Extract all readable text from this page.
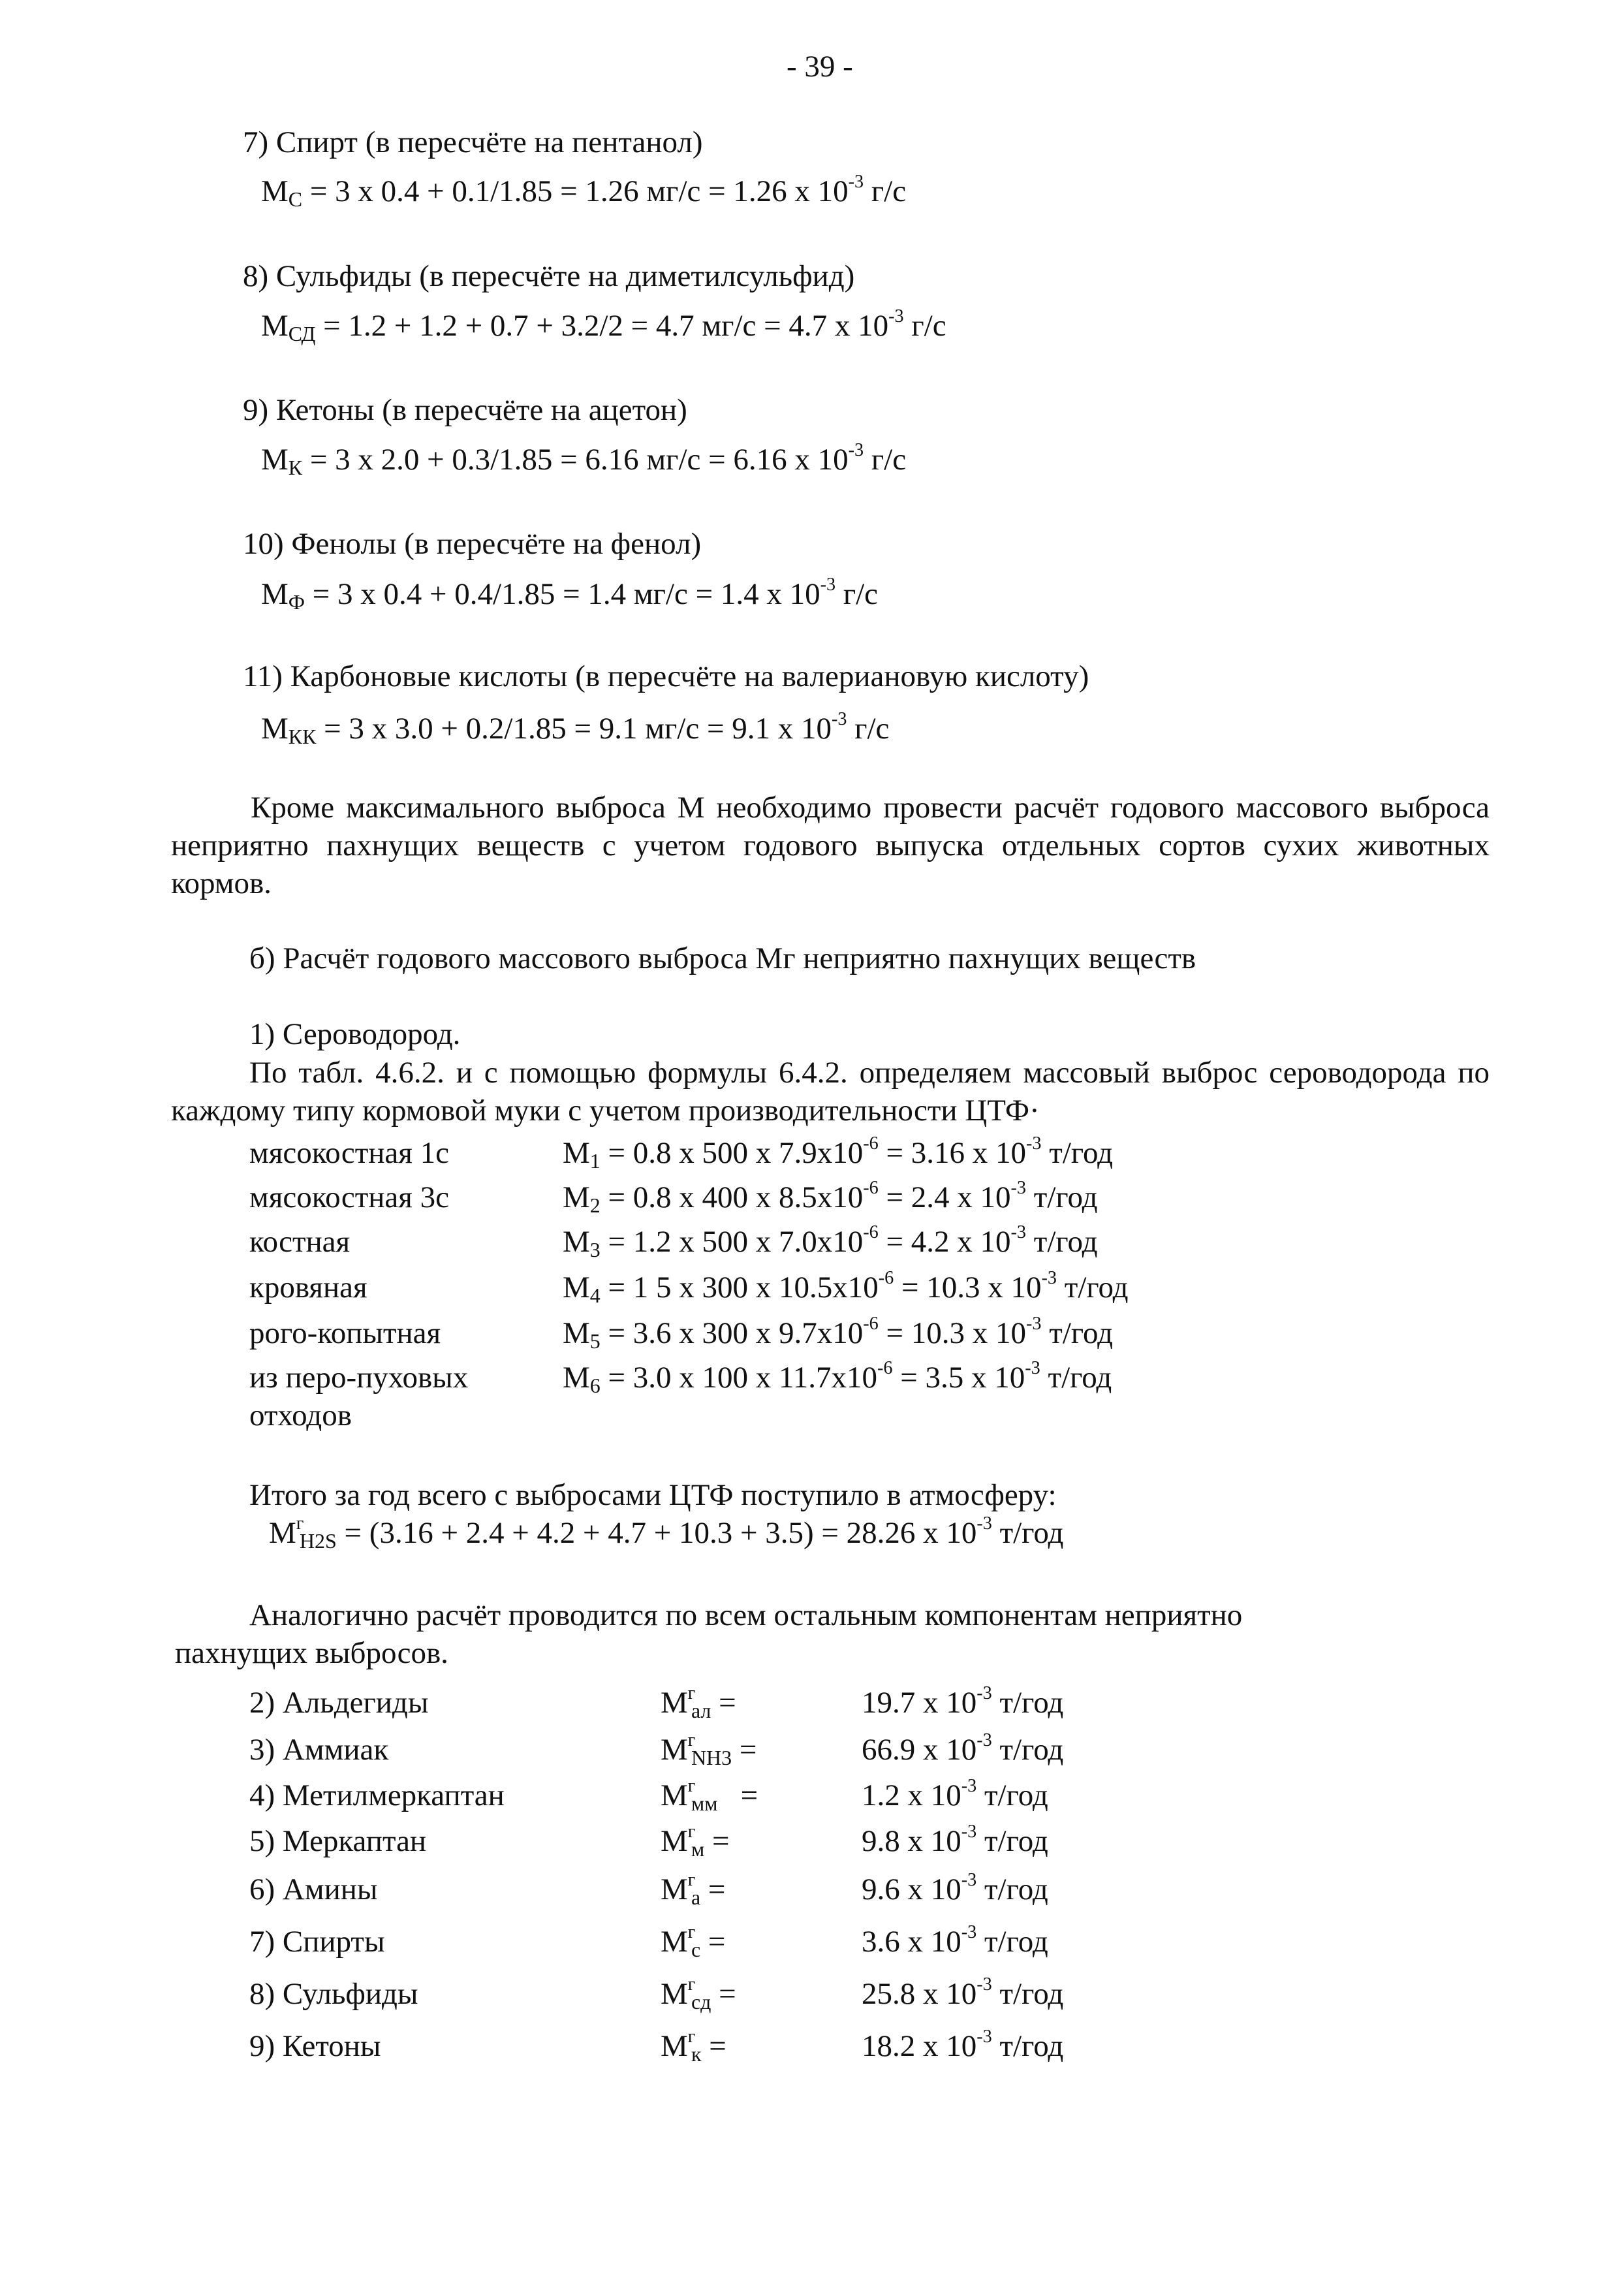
- 39 -
7) Спирт (в пересчёте на пентанол)
$M_С = 3$ х 0.4 + 0.1/1.85 = 1.26 мг/с = 1.26 х $10^{-3}$ г/с
8) Сульфиды (в пересчёте на диметилсульфид)
$M_{СД} = 1.2 + 1.2 + 0.7 + 3.2/2 = 4.7$ мг/с = 4.7 х $10^{-3}$ г/с
9) Кетоны (в пересчёте на ацетон)
$M_К = 3$ х 2.0 + 0.3/1.85 = 6.16 мг/с = 6.16 х $10^{-3}$ г/с
10) Фенолы (в пересчёте на фенол)
$M_Ф = 3$ х 0.4 + 0.4/1.85 = 1.4 мг/с = 1.4 х $10^{-3}$ г/с
11) Карбоновые кислоты (в пересчёте на валериановую кислоту)
$M_{КК} = 3$ х 3.0 + 0.2/1.85 = 9.1 мг/с = 9.1 х $10^{-3}$ г/с
Кроме максимального выброса М необходимо провести расчёт годового массового выброса неприятно пахнущих веществ с учетом годового выпуска отдельных сортов сухих животных кормов.
б) Расчёт годового массового выброса Мг неприятно пахнущих веществ
1) Сероводород.
По табл. 4.6.2. и с помощью формулы 6.4.2. определяем массовый выброс сероводорода по каждому типу кормовой муки с учетом производительности ЦТФ·
мясокостная 1с	$M_1 = 0.8$ х 500 х $7.9х10^{-6} = 3.16$ х $10^{-3}$ т/год
мясокостная 3с	$M_2 = 0.8$ х 400 х $8.5х10^{-6} = 2.4$ х $10^{-3}$ т/год
костная	$M_3 = 1.2$ х 500 х $7.0х10^{-6} = 4.2$ х $10^{-3}$ т/год
кровяная	$M_4 = 1$ 5 х 300 х $10.5х10^{-6} = 10.3$ х $10^{-3}$ т/год
рого-копытная	$M_5 = 3.6$ х 300 х $9.7х10^{-6} = 10.3$ х $10^{-3}$ т/год
из перо-пуховых	$M_6 = 3.0$ х 100 х $11.7х10^{-6} = 3.5$ х $10^{-3}$ т/год
отходов
Итого за год всего с выбросами ЦТФ поступило в атмосферу:
$M^г_{H2S} = (3.16 + 2.4 + 4.2 + 4.7 + 10.3 + 3.5) = 28.26$ х $10^{-3}$ т/год
Аналогично расчёт проводится по всем остальным компонентам неприятно
пахнущих выбросов.
2) Альдегиды	$M^г_{ал}$ =	19.7 х $10^{-3}$ т/год
3) Аммиак	$M^г_{NH3}$ =	66.9 х $10^{-3}$ т/год
4) Метилмеркаптан	$M^г_{мм}$   =	1.2 х $10^{-3}$ т/год
5) Меркаптан	$M^г_м$ =	9.8 х $10^{-3}$ т/год
6) Амины	$M^г_а$ =	9.6 х $10^{-3}$ т/год
7) Спирты	$M^г_с$ =	3.6 х $10^{-3}$ т/год
8) Сульфиды	$M^г_{сд}$ =	25.8 х $10^{-3}$ т/год
9) Кетоны	$M^г_к$ =	18.2 х $10^{-3}$ т/год
